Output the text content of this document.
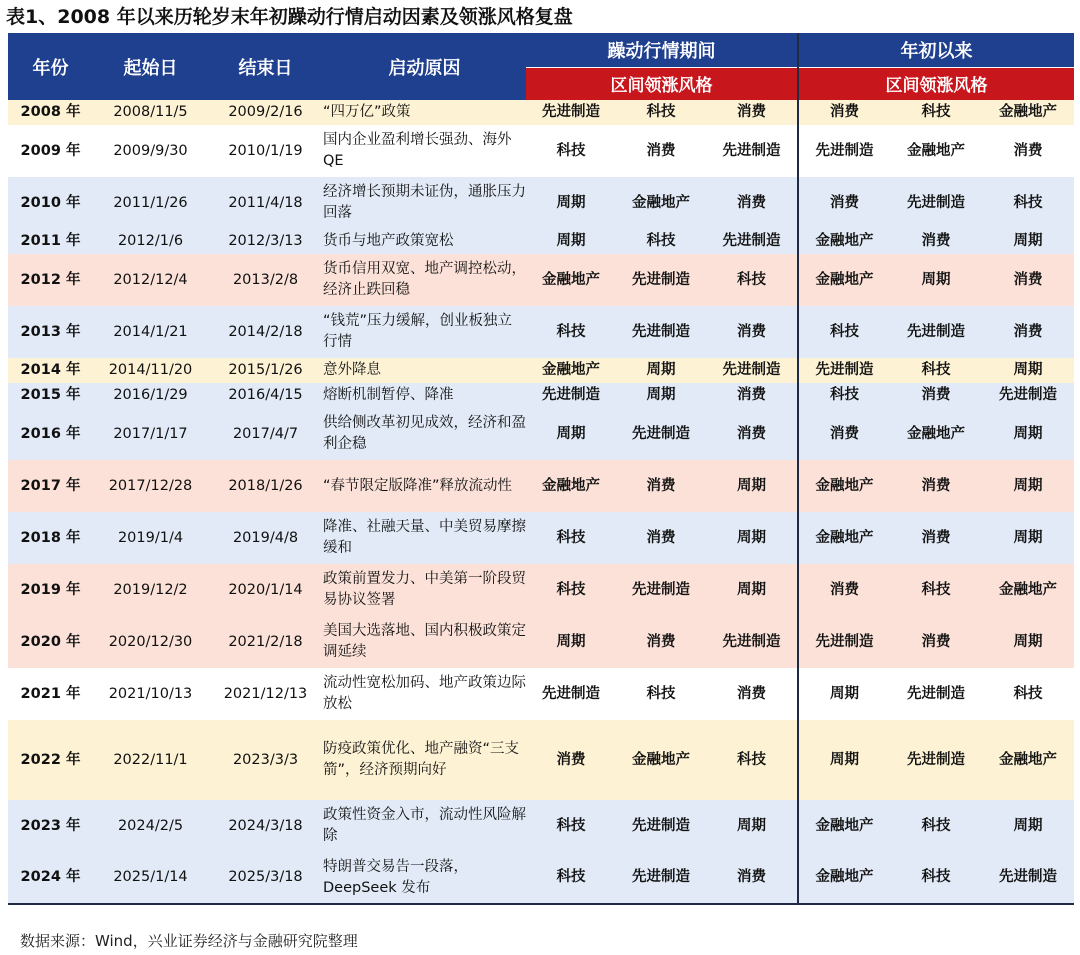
表1、2008 年以来历轮岁末年初躁动行情启动因素及领涨风格复盘
年份	起始日	结束日	启动原因	躁动行情期间			年初以来		
				区间领涨风格			区间领涨风格		
2008 年	2008/11/5	2009/2/16	“四万亿”政策	先进制造	科技	消费	消费	科技	金融地产
2009 年	2009/9/30	2010/1/19	国内企业盈利增长强劲、海外 QE	科技	消费	先进制造	先进制造	金融地产	消费
2010 年	2011/1/26	2011/4/18	经济增长预期未证伪，通胀压力回落	周期	金融地产	消费	消费	先进制造	科技
2011 年	2012/1/6	2012/3/13	货币与地产政策宽松	周期	科技	先进制造	金融地产	消费	周期
2012 年	2012/12/4	2013/2/8	货币信用双宽、地产调控松动，经济止跌回稳	金融地产	先进制造	科技	金融地产	周期	消费
2013 年	2014/1/21	2014/2/18	“钱荒”压力缓解，创业板独立行情	科技	先进制造	消费	科技	先进制造	消费
2014 年	2014/11/20	2015/1/26	意外降息	金融地产	周期	先进制造	先进制造	科技	周期
2015 年	2016/1/29	2016/4/15	熔断机制暂停、降准	先进制造	周期	消费	科技	消费	先进制造
2016 年	2017/1/17	2017/4/7	供给侧改革初见成效，经济和盈利企稳	周期	先进制造	消费	消费	金融地产	周期
2017 年	2017/12/28	2018/1/26	“春节限定版降准”释放流动性	金融地产	消费	周期	金融地产	消费	周期
2018 年	2019/1/4	2019/4/8	降准、社融天量、中美贸易摩擦缓和	科技	消费	周期	金融地产	消费	周期
2019 年	2019/12/2	2020/1/14	政策前置发力、中美第一阶段贸易协议签署	科技	先进制造	周期	消费	科技	金融地产
2020 年	2020/12/30	2021/2/18	美国大选落地、国内积极政策定调延续	周期	消费	先进制造	先进制造	消费	周期
2021 年	2021/10/13	2021/12/13	流动性宽松加码、地产政策边际放松	先进制造	科技	消费	周期	先进制造	科技
2022 年	2022/11/1	2023/3/3	防疫政策优化、地产融资“三支箭”，经济预期向好	消费	金融地产	科技	周期	先进制造	金融地产
2023 年	2024/2/5	2024/3/18	政策性资金入市，流动性风险解除	科技	先进制造	周期	金融地产	科技	周期
2024 年	2025/1/14	2025/3/18	特朗普交易告一段落，DeepSeek 发布	科技	先进制造	消费	金融地产	科技	先进制造
数据来源：Wind，兴业证券经济与金融研究院整理
